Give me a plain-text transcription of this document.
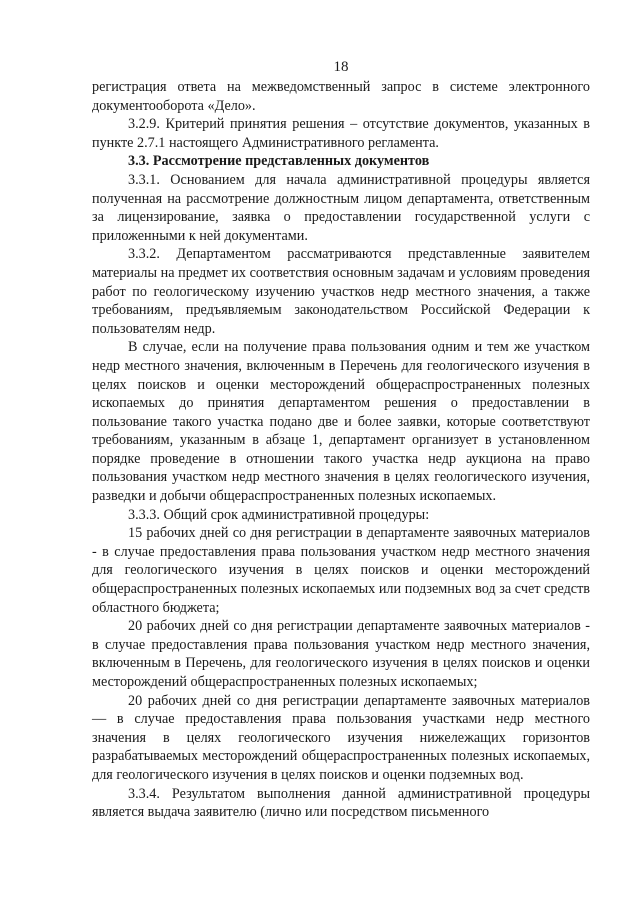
18

регистрация ответа на межведомственный запрос в системе электронного документооборота «Дело».

3.2.9. Критерий принятия решения – отсутствие документов, указанных в пункте 2.7.1 настоящего Административного регламента.

3.3. Рассмотрение представленных документов

3.3.1. Основанием для начала административной процедуры является полученная на рассмотрение должностным лицом департамента, ответственным за лицензирование, заявка о предоставлении государственной услуги с приложенными к ней документами.

3.3.2. Департаментом рассматриваются представленные заявителем материалы на предмет их соответствия основным задачам и условиям проведения работ по геологическому изучению участков недр местного значения, а также требованиям, предъявляемым законодательством Российской Федерации к пользователям недр.

В случае, если на получение права пользования одним и тем же участком недр местного значения, включенным в Перечень для геологического изучения в целях поисков и оценки месторождений общераспространенных полезных ископаемых до принятия департаментом решения о предоставлении в пользование такого участка подано две и более заявки, которые соответствуют требованиям, указанным в абзаце 1, департамент организует в установленном порядке проведение в отношении такого участка недр аукциона на право пользования участком недр местного значения в целях геологического изучения, разведки и добычи общераспространенных полезных ископаемых.

3.3.3. Общий срок административной процедуры:

15 рабочих дней со дня регистрации в департаменте заявочных материалов - в случае предоставления права пользования участком недр местного значения для геологического изучения в целях поисков и оценки месторождений общераспространенных полезных ископаемых или подземных вод за счет средств областного бюджета;

20 рабочих дней со дня регистрации департаменте заявочных материалов - в случае предоставления права пользования участком недр местного значения, включенным в Перечень, для геологического изучения в целях поисков и оценки месторождений общераспространенных полезных ископаемых;

20 рабочих дней со дня регистрации департаменте заявочных материалов — в случае предоставления права пользования участками недр местного значения в целях геологического изучения нижележащих горизонтов разрабатываемых месторождений общераспространенных полезных ископаемых, для геологического изучения в целях поисков и оценки подземных вод.

3.3.4. Результатом выполнения данной административной процедуры является выдача заявителю (лично или посредством письменного
